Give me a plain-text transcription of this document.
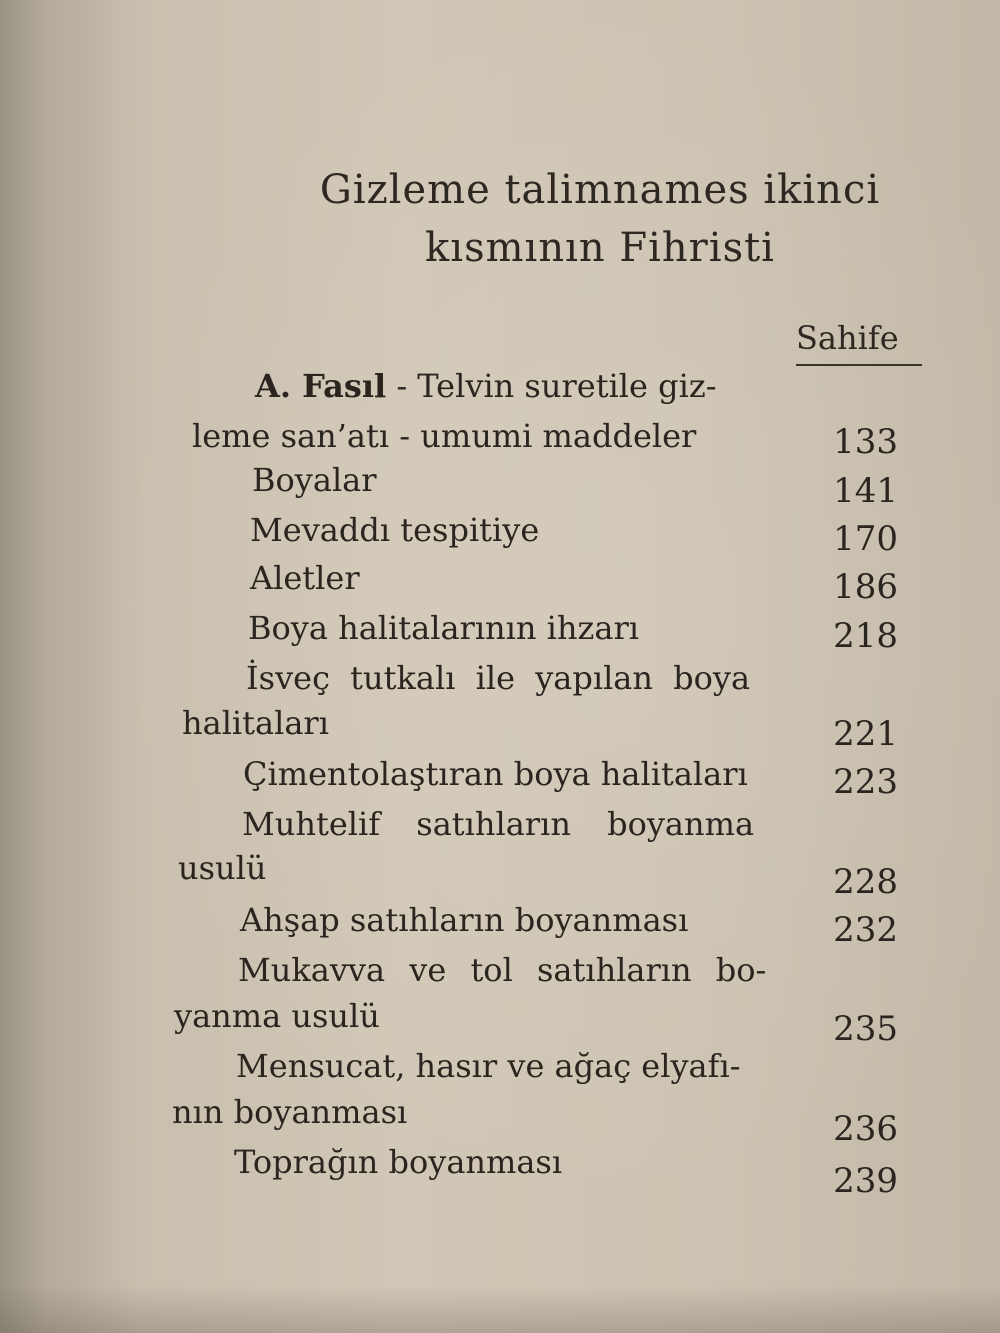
Gizleme talimnames ikinci
kısmının Fihristi
Sahife
A. Fasıl - Telvin suretile giz-
leme san’atı - umumi maddeler	133
Boyalar	141
Mevaddı tespitiye	170
Aletler	186
Boya halitalarının ihzarı	218
İsveç tutkalı ile yapılan boya
halitaları	221
Çimentolaştıran boya halitaları	223
Muhtelif satıhların boyanma
usulü	228
Ahşap satıhların boyanması	232
Mukavva ve tol satıhların bo-
yanma usulü	235
Mensucat, hasır ve ağaç elyafı-
nın boyanması	236
Toprağın boyanması	239
